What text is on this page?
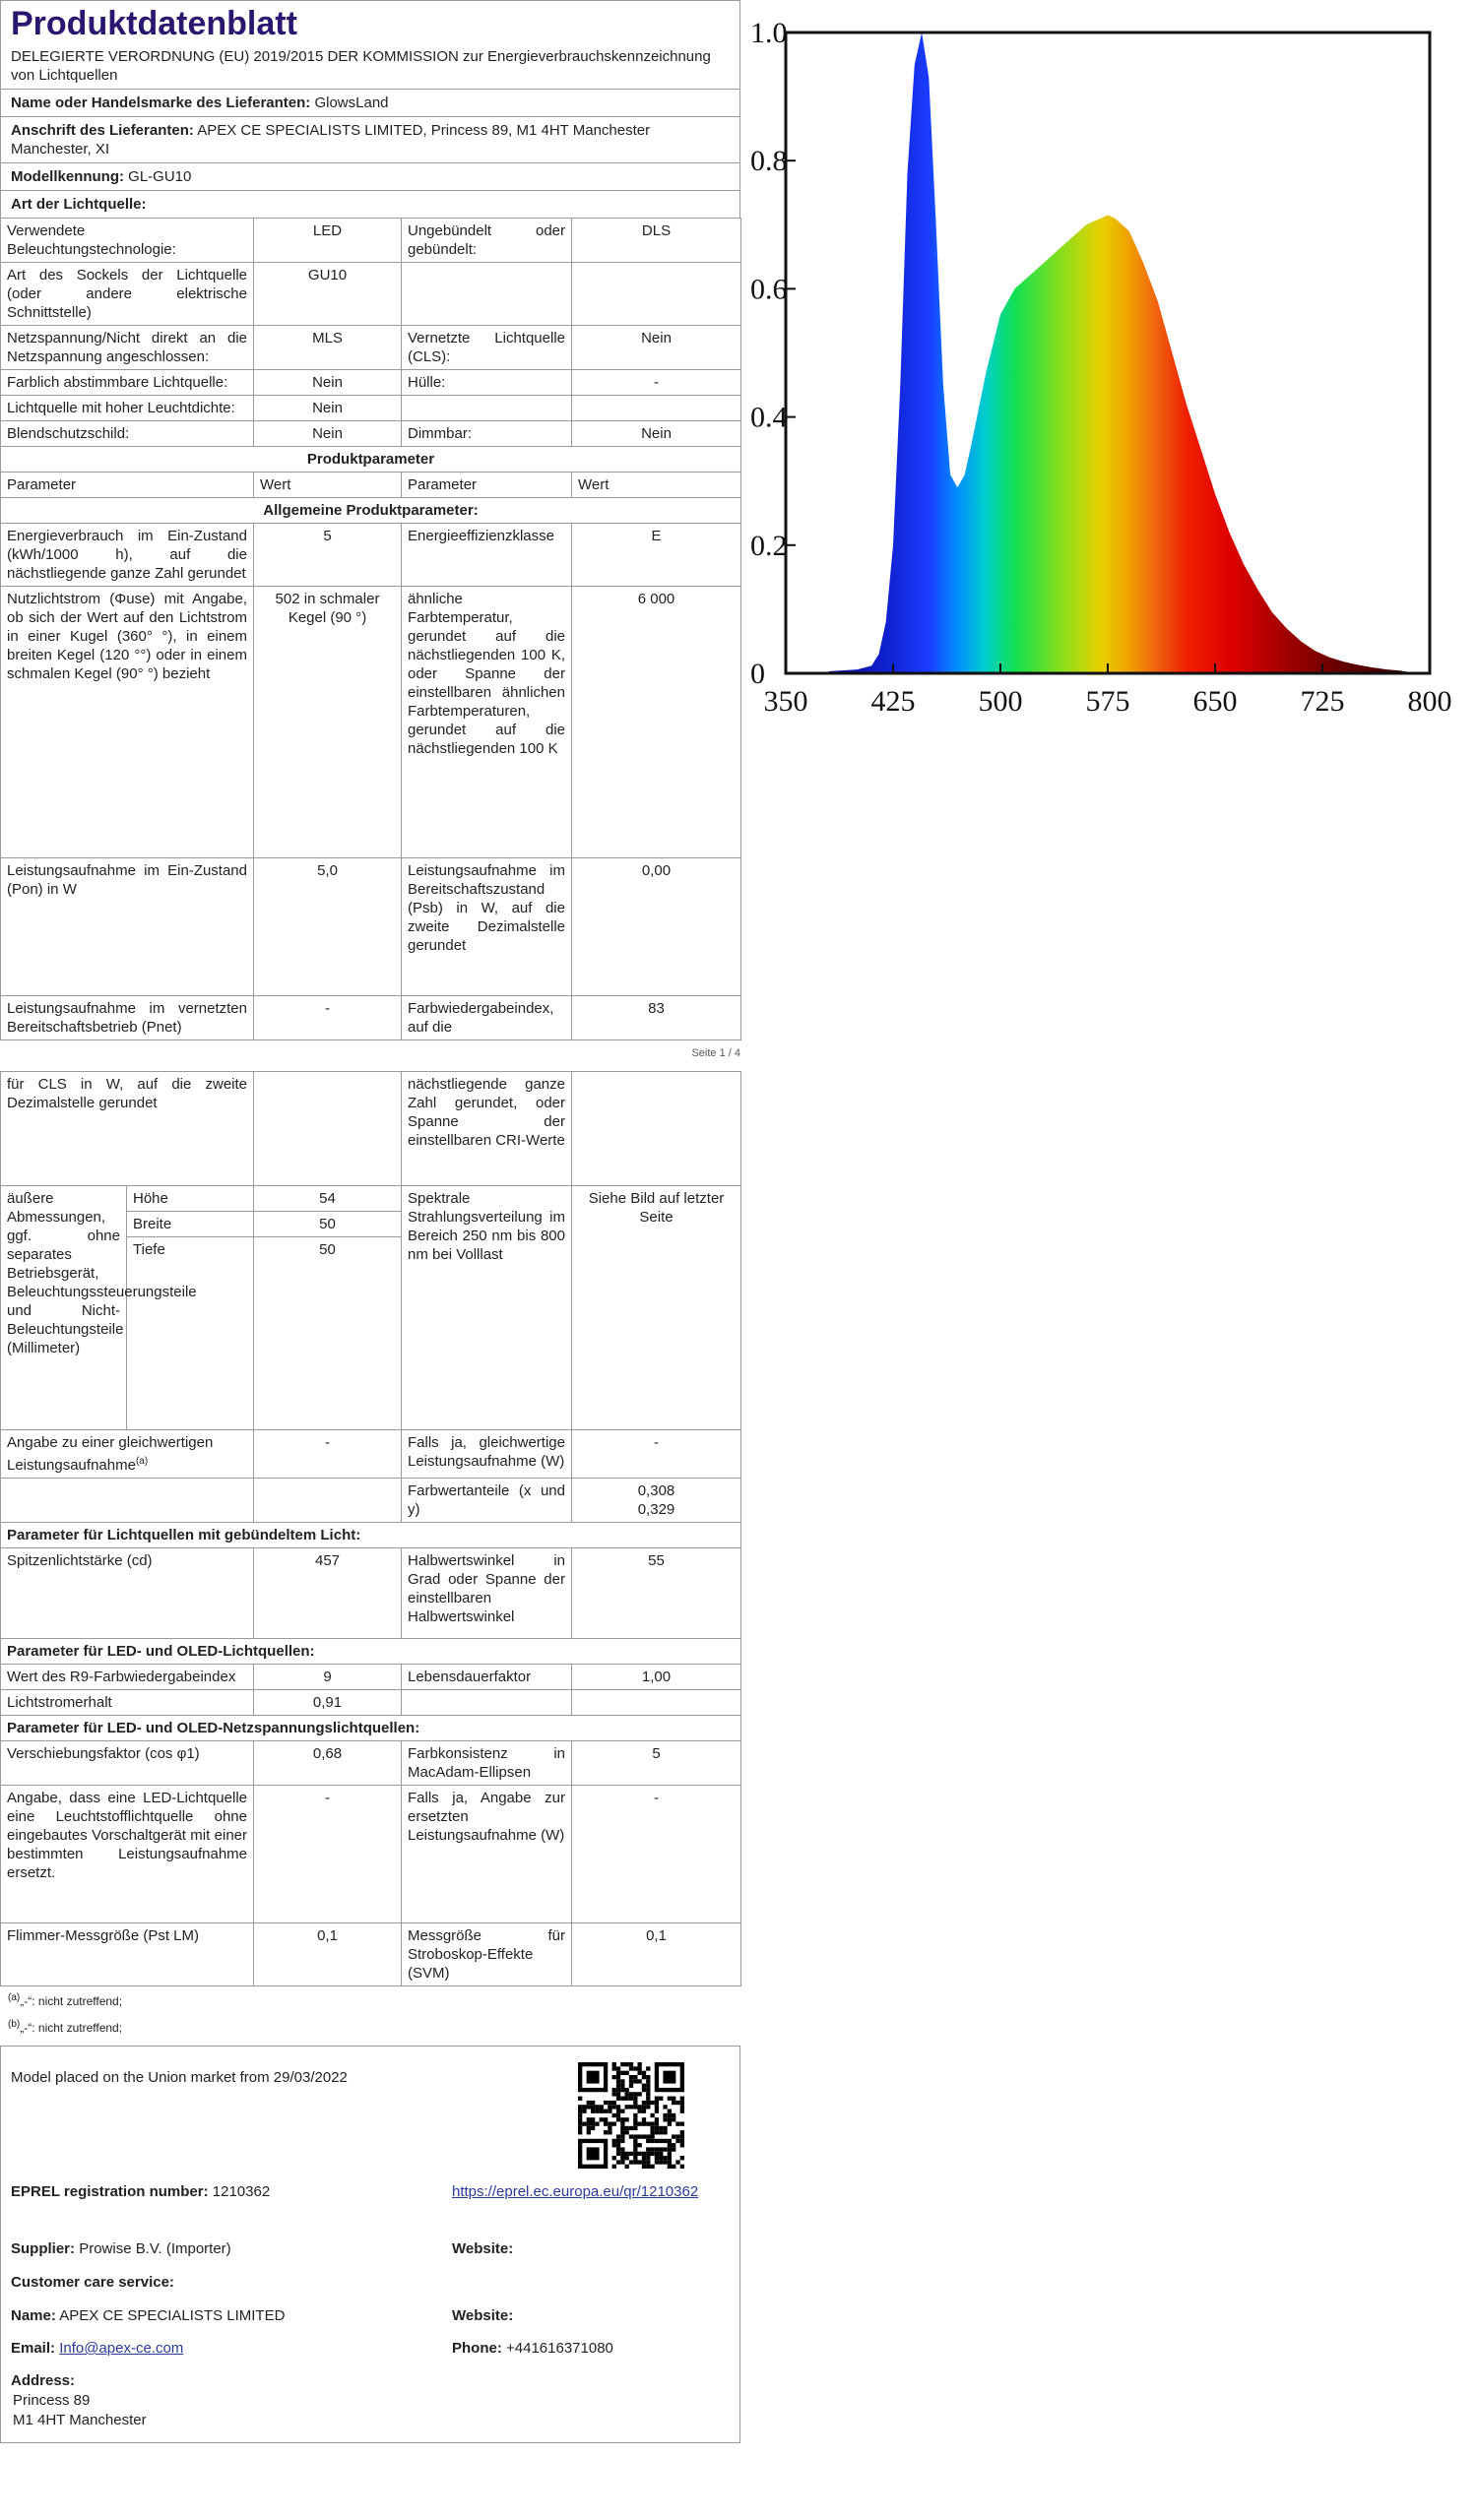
Produktdatenblatt
DELEGIERTE VERORDNUNG (EU) 2019/2015 DER KOMMISSION zur Energieverbrauchskennzeichnung von Lichtquellen
Name oder Handelsmarke des Lieferanten: GlowsLand
Anschrift des Lieferanten: APEX CE SPECIALISTS LIMITED, Princess 89, M1 4HT Manchester Manchester, XI
Modellkennung: GL-GU10
Art der Lichtquelle:
Verwendete Beleuchtungstechnologie:	LED	Ungebündelt oder gebündelt:	DLS
Art des Sockels der Lichtquelle (oder andere elektrische Schnittstelle)	GU10		
Netzspannung/Nicht direkt an die Netzspannung angeschlossen:	MLS	Vernetzte Lichtquelle (CLS):	Nein
Farblich abstimmbare Lichtquelle:	Nein	Hülle:	-
Lichtquelle mit hoher Leuchtdichte:	Nein		
Blendschutzschild:	Nein	Dimmbar:	Nein
Produktparameter			
Parameter	Wert	Parameter	Wert
Allgemeine Produktparameter:			
Energieverbrauch im Ein-Zustand (kWh/1000 h), auf die nächstliegende ganze Zahl gerundet	5	Energieeffizienzklasse	E
Nutzlichtstrom (Φuse) mit Angabe, ob sich der Wert auf den Lichtstrom in einer Kugel (360° °), in einem breiten Kegel (120 °°) oder in einem schmalen Kegel (90° °) bezieht	502 in schmaler Kegel (90 °)	ähnliche Farbtemperatur, gerundet auf die nächstliegenden 100 K, oder Spanne der einstellbaren ähnlichen Farbtemperaturen, gerundet auf die nächstliegenden 100 K	6 000
Leistungsaufnahme im Ein-Zustand (Pon) in W	5,0	Leistungsaufnahme im Bereitschaftszustand (Psb) in W, auf die zweite Dezimalstelle gerundet	0,00
Leistungsaufnahme im vernetzten Bereitschaftsbetrieb (Pnet)	-	Farbwiedergabeindex, auf die	83
Seite 1 / 4
für CLS in W, auf die zweite Dezimalstelle gerundet			nächstliegende ganze Zahl gerundet, oder Spanne der einstellbaren CRI-Werte	
äußere Abmessungen, ggf. ohne separates Betriebsgerät, Beleuchtungssteuerungsteile und Nicht-Beleuchtungsteile (Millimeter)	Höhe	54	Spektrale Strahlungsverteilung im Bereich 250 nm bis 800 nm bei Volllast	Siehe Bild auf letzter Seite
	Breite	50		
	Tiefe	50		
Angabe zu einer gleichwertigen Leistungsaufnahme$^{(a)}$		-	Falls ja, gleichwertige Leistungsaufnahme (W)	-
			Farbwertanteile (x und y)	0,308 0,329
Parameter für Lichtquellen mit gebündeltem Licht:				
Spitzenlichtstärke (cd)		457	Halbwertswinkel in Grad oder Spanne der einstellbaren Halbwertswinkel	55
Parameter für LED- und OLED-Lichtquellen:				
Wert des R9-Farbwiedergabeindex		9	Lebensdauerfaktor	1,00
Lichtstromerhalt		0,91		
Parameter für LED- und OLED-Netzspannungslichtquellen:				
Verschiebungsfaktor (cos φ1)		0,68	Farbkonsistenz in MacAdam-Ellipsen	5
Angabe, dass eine LED-Lichtquelle eine Leuchtstofflichtquelle ohne eingebautes Vorschaltgerät mit einer bestimmten Leistungsaufnahme ersetzt.		-	Falls ja, Angabe zur ersetzten Leistungsaufnahme (W)	-
Flimmer-Messgröße (Pst LM)		0,1	Messgröße für Stroboskop-Effekte (SVM)	0,1
$^{(a)}$„-“: nicht zutreffend;
$^{(b)}$„-“: nicht zutreffend;
Model placed on the Union market from 29/03/2022
EPREL registration number: 1210362	https://eprel.ec.europa.eu/qr/1210362
Supplier: Prowise B.V. (Importer)	Website:
Customer care service:
Name: APEX CE SPECIALISTS LIMITED	Website:
Email: Info@apex-ce.com	Phone: +441616371080
Address:
Princess 89
M1 4HT Manchester
350 425 500 575 650 725 800
0
0.2
0.4
0.6
0.8
1.0
